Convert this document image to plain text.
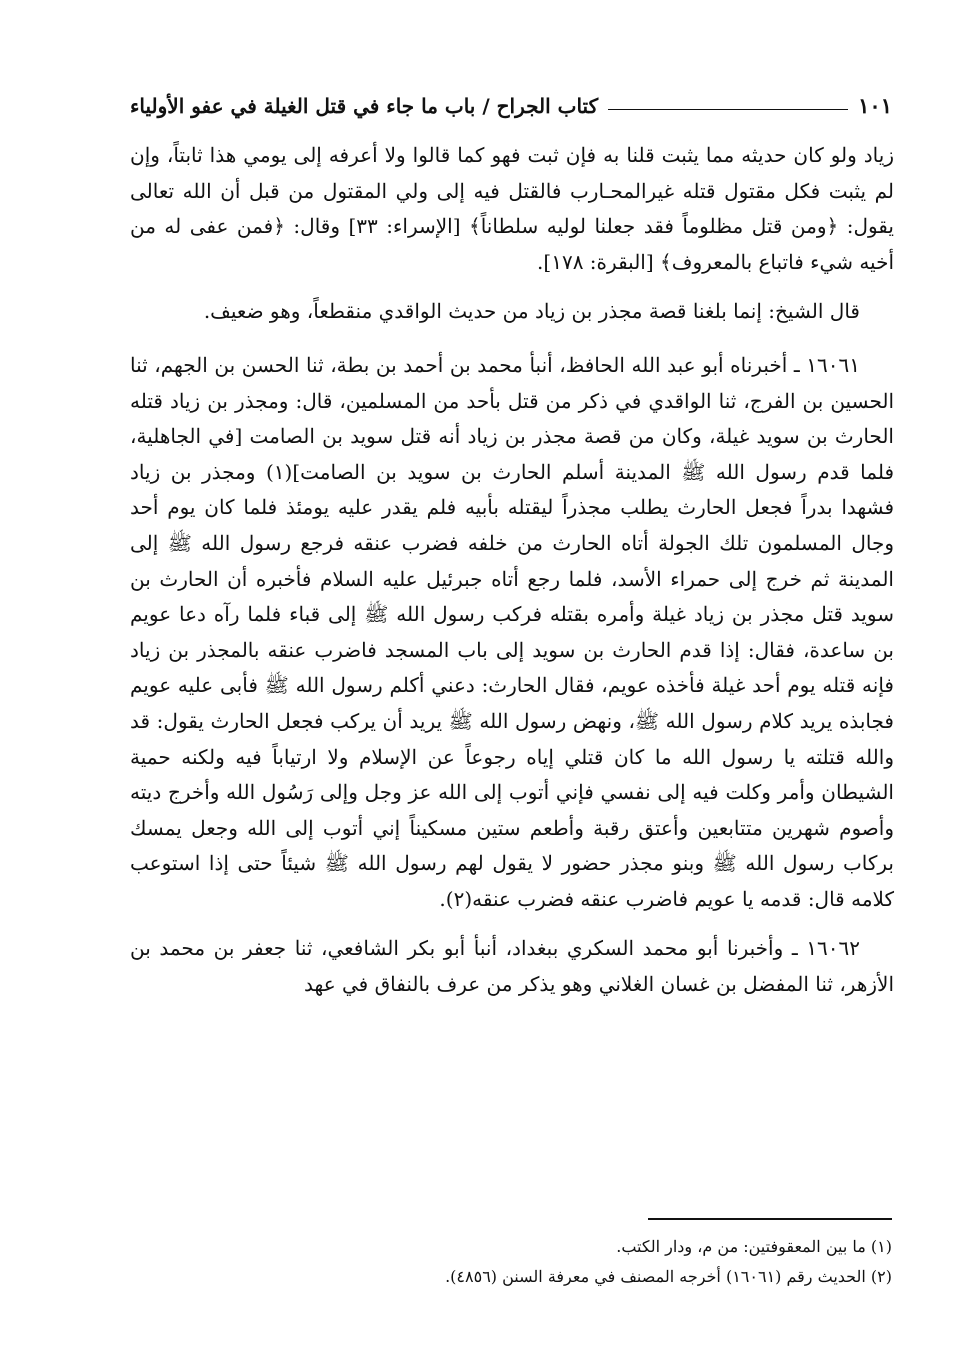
كتاب الجراح / باب ما جاء في قتل الغيلة في عفو الأولياء	١٠١

زياد ولو كان حديثه مما يثبت قلنا به فإن ثبت فهو كما قالوا ولا أعرفه إلى يومي هذا ثابتاً، وإن لم يثبت فكل مقتول قتله غيرالمحـارب فالقتل فيه إلى ولي المقتول من قبل أن الله تعالى يقول: ﴿ومن قتل مظلوماً فقد جعلنا لوليه سلطاناً﴾ [الإسراء: ٣٣] وقال: ﴿فمن عفى له من أخيه شيء فاتباع بالمعروف﴾ [البقرة: ١٧٨].

قال الشيخ: إنما بلغنا قصة مجذر بن زياد من حديث الواقدي منقطعاً، وهو ضعيف.

١٦٠٦١ ـ أخبرناه أبو عبد الله الحافظ، أنبأ محمد بن أحمد بن بطة، ثنا الحسن بن الجهم، ثنا الحسين بن الفرج، ثنا الواقدي في ذكر من قتل بأحد من المسلمين، قال: ومجذر بن زياد قتله الحارث بن سويد غيلة، وكان من قصة مجذر بن زياد أنه قتل سويد بن الصامت [في الجاهلية، فلما قدم رسول الله ﷺ المدينة أسلم الحارث بن سويد بن الصامت](١) ومجذر بن زياد فشهدا بدراً فجعل الحارث يطلب مجذراً ليقتله بأبيه فلم يقدر عليه يومئذ فلما كان يوم أحد وجال المسلمون تلك الجولة أتاه الحارث من خلفه فضرب عنقه فرجع رسول الله ﷺ إلى المدينة ثم خرج إلى حمراء الأسد، فلما رجع أتاه جبرئيل عليه السلام فأخبره أن الحارث بن سويد قتل مجذر بن زياد غيلة وأمره بقتله فركب رسول الله ﷺ إلى قباء فلما رآه دعا عويم بن ساعدة، فقال: إذا قدم الحارث بن سويد إلى باب المسجد فاضرب عنقه بالمجذر بن زياد فإنه قتله يوم أحد غيلة فأخذه عويم، فقال الحارث: دعني أكلم رسول الله ﷺ فأبى عليه عويم فجابذه يريد كلام رسول الله ﷺ، ونهض رسول الله ﷺ يريد أن يركب فجعل الحارث يقول: قد والله قتلته يا رسول الله ما كان قتلي إياه رجوعاً عن الإسلام ولا ارتياباً فيه ولكنه حمية الشيطان وأمر وكلت فيه إلى نفسي فإني أتوب إلى الله عز وجل وإلى رَسُول الله وأخرج ديته وأصوم شهرين متتابعين وأعتق رقبة وأطعم ستين مسكيناً إني أتوب إلى الله وجعل يمسك بركاب رسول الله ﷺ وبنو مجذر حضور لا يقول لهم رسول الله ﷺ شيئاً حتى إذا استوعب كلامه قال: قدمه يا عويم فاضرب عنقه فضرب عنقه(٢).

١٦٠٦٢ ـ وأخبرنا أبو محمد السكري ببغداد، أنبأ أبو بكر الشافعي، ثنا جعفر بن محمد بن الأزهر، ثنا المفضل بن غسان الغلاني وهو يذكر من عرف بالنفاق في عهد

(١) ما بين المعقوفتين: من م، ودار الكتب.

(٢) الحديث رقم (١٦٠٦١) أخرجه المصنف في معرفة السنن (٤٨٥٦).
